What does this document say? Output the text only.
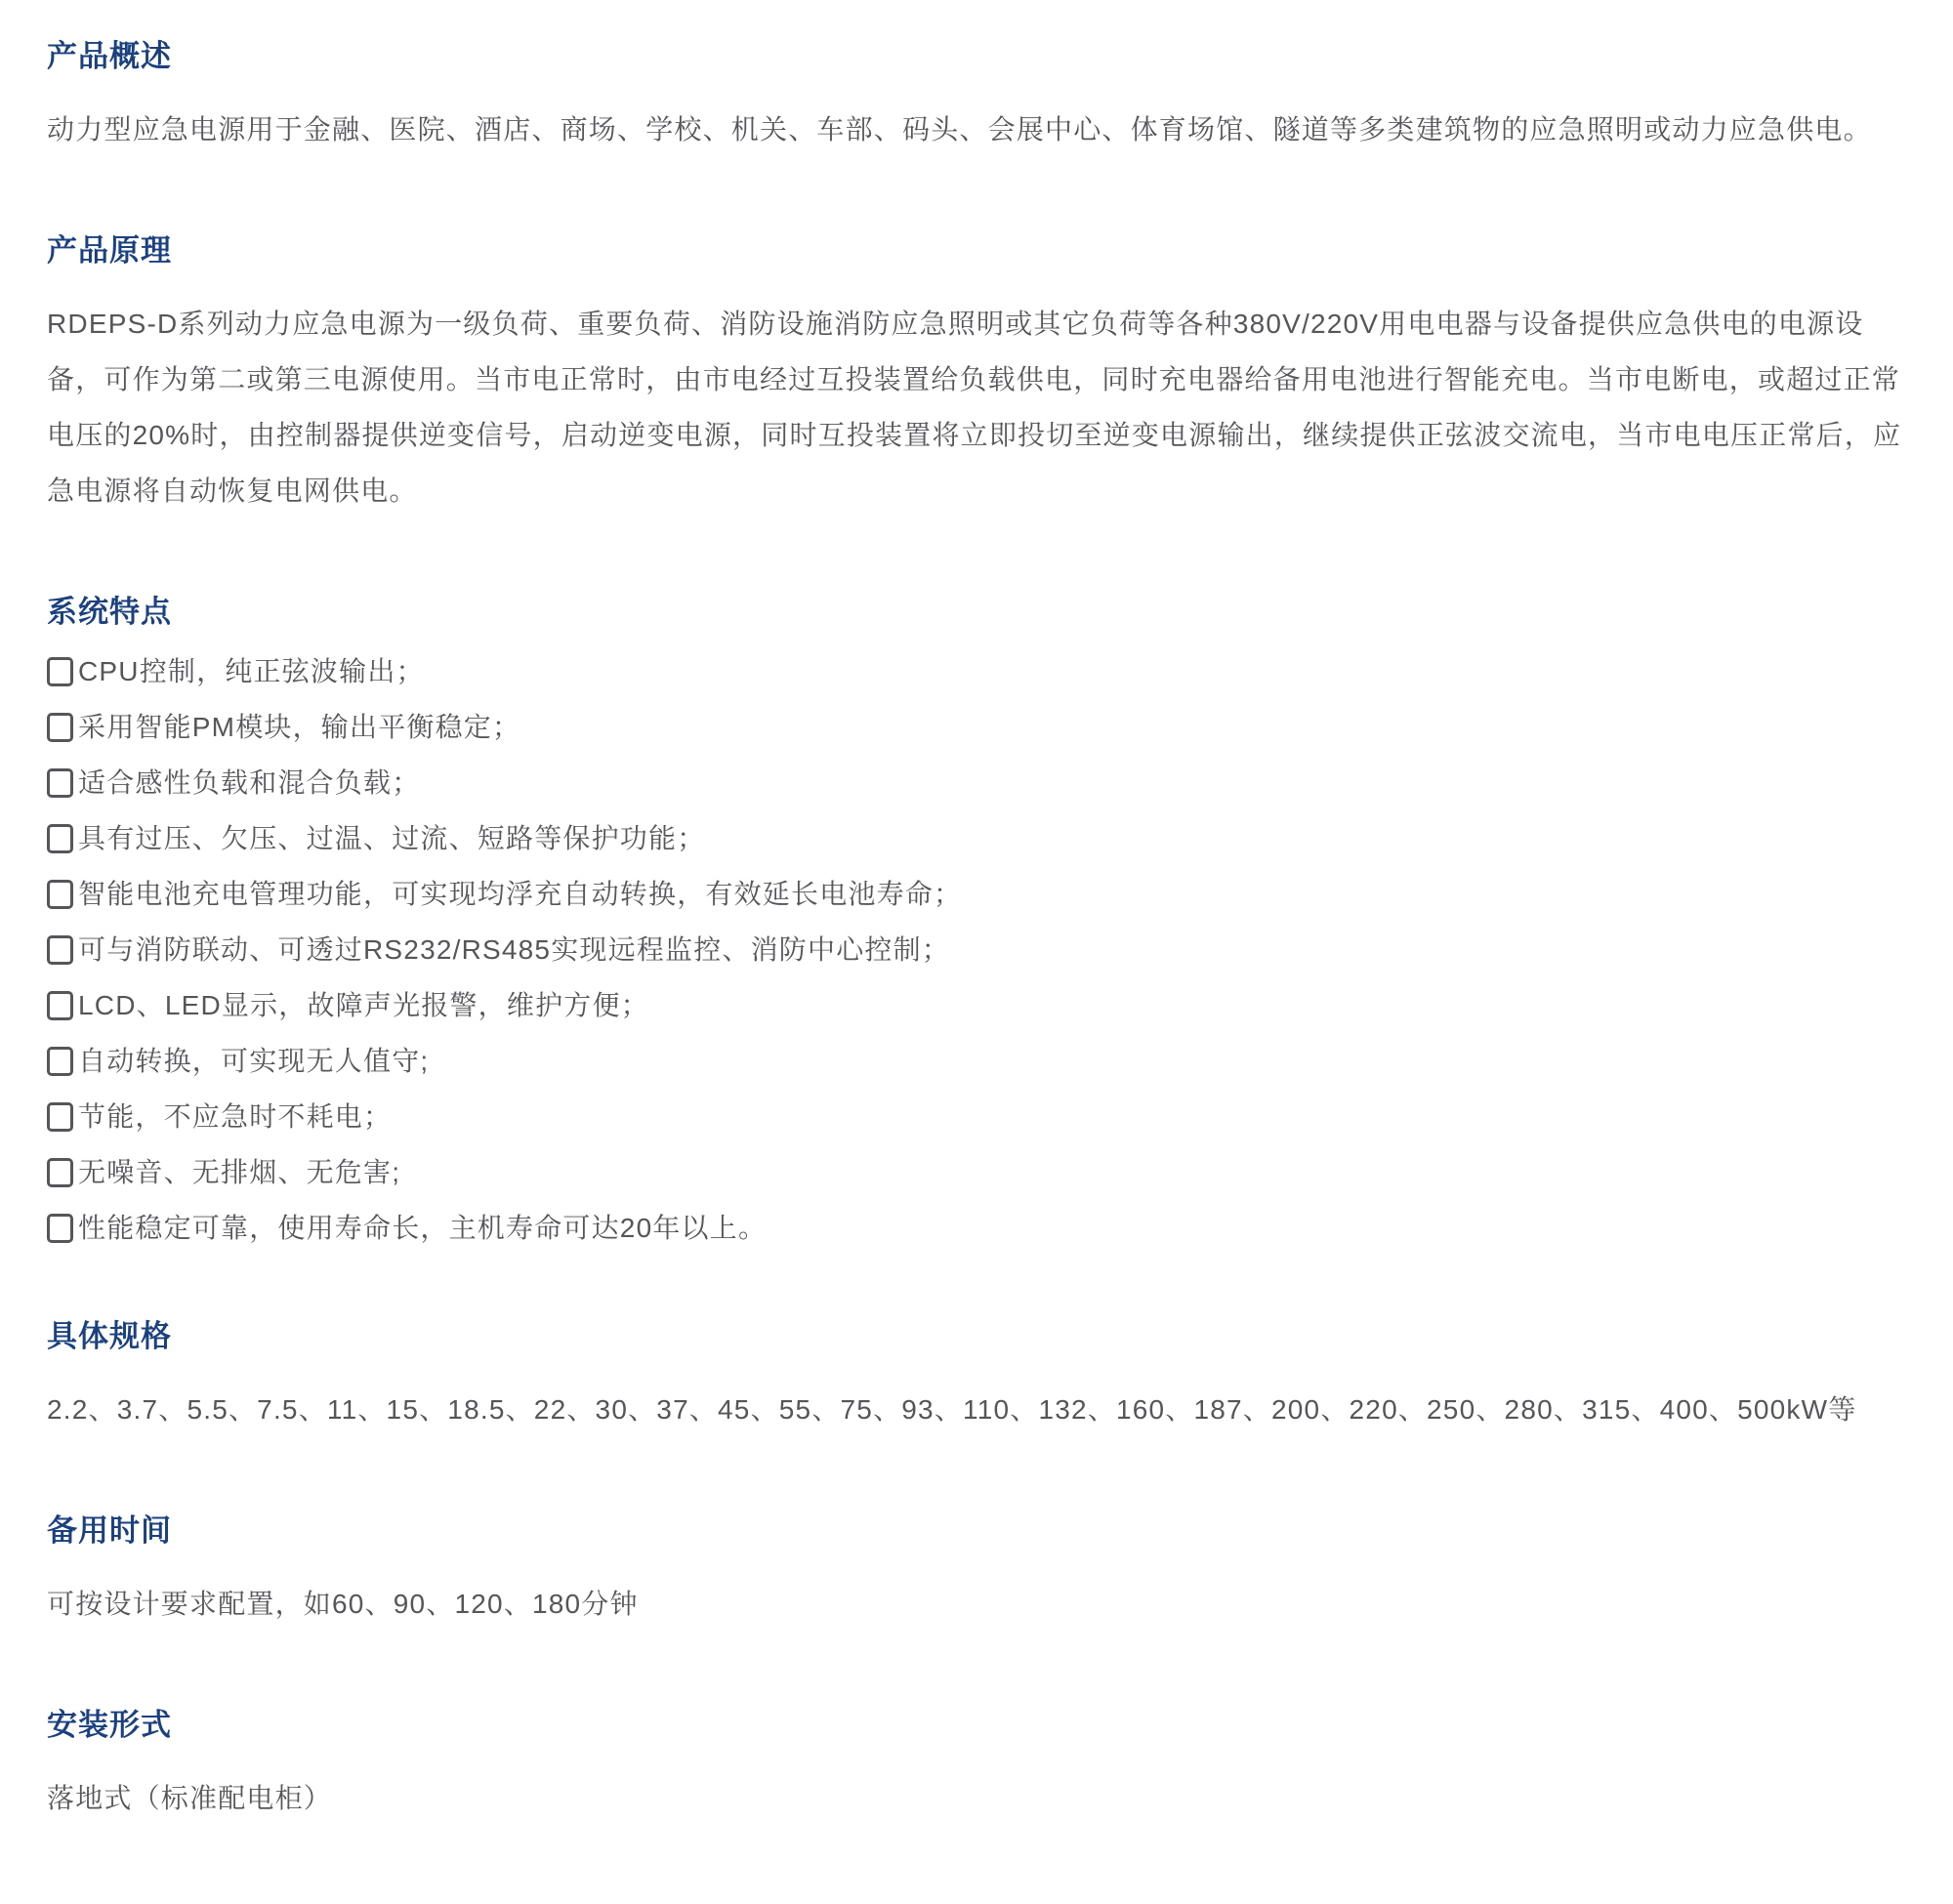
产品概述

动力型应急电源用于金融、医院、酒店、商场、学校、机关、车部、码头、会展中心、体育场馆、隧道等多类建筑物的应急照明或动力应急供电。

产品原理

RDEPS-D系列动力应急电源为一级负荷、重要负荷、消防设施消防应急照明或其它负荷等各种380V/220V用电电器与设备提供应急供电的电源设备，可作为第二或第三电源使用。当市电正常时，由市电经过互投装置给负载供电，同时充电器给备用电池进行智能充电。当市电断电，或超过正常电压的20%时，由控制器提供逆变信号，启动逆变电源，同时互投装置将立即投切至逆变电源输出，继续提供正弦波交流电，当市电电压正常后，应急电源将自动恢复电网供电。

系统特点
CPU控制，纯正弦波输出；
采用智能PM模块，输出平衡稳定；
适合感性负载和混合负载；
具有过压、欠压、过温、过流、短路等保护功能；
智能电池充电管理功能，可实现均浮充自动转换，有效延长电池寿命；
可与消防联动、可透过RS232/RS485实现远程监控、消防中心控制；
LCD、LED显示，故障声光报警，维护方便；
自动转换，可实现无人值守;
节能，不应急时不耗电；
无噪音、无排烟、无危害;
性能稳定可靠，使用寿命长，主机寿命可达20年以上。
具体规格

2.2、3.7、5.5、7.5、11、15、18.5、22、30、37、45、55、75、93、110、132、160、187、200、220、250、280、315、400、500kW等

备用时间

可按设计要求配置，如60、90、120、180分钟

安装形式

落地式（标准配电柜）
